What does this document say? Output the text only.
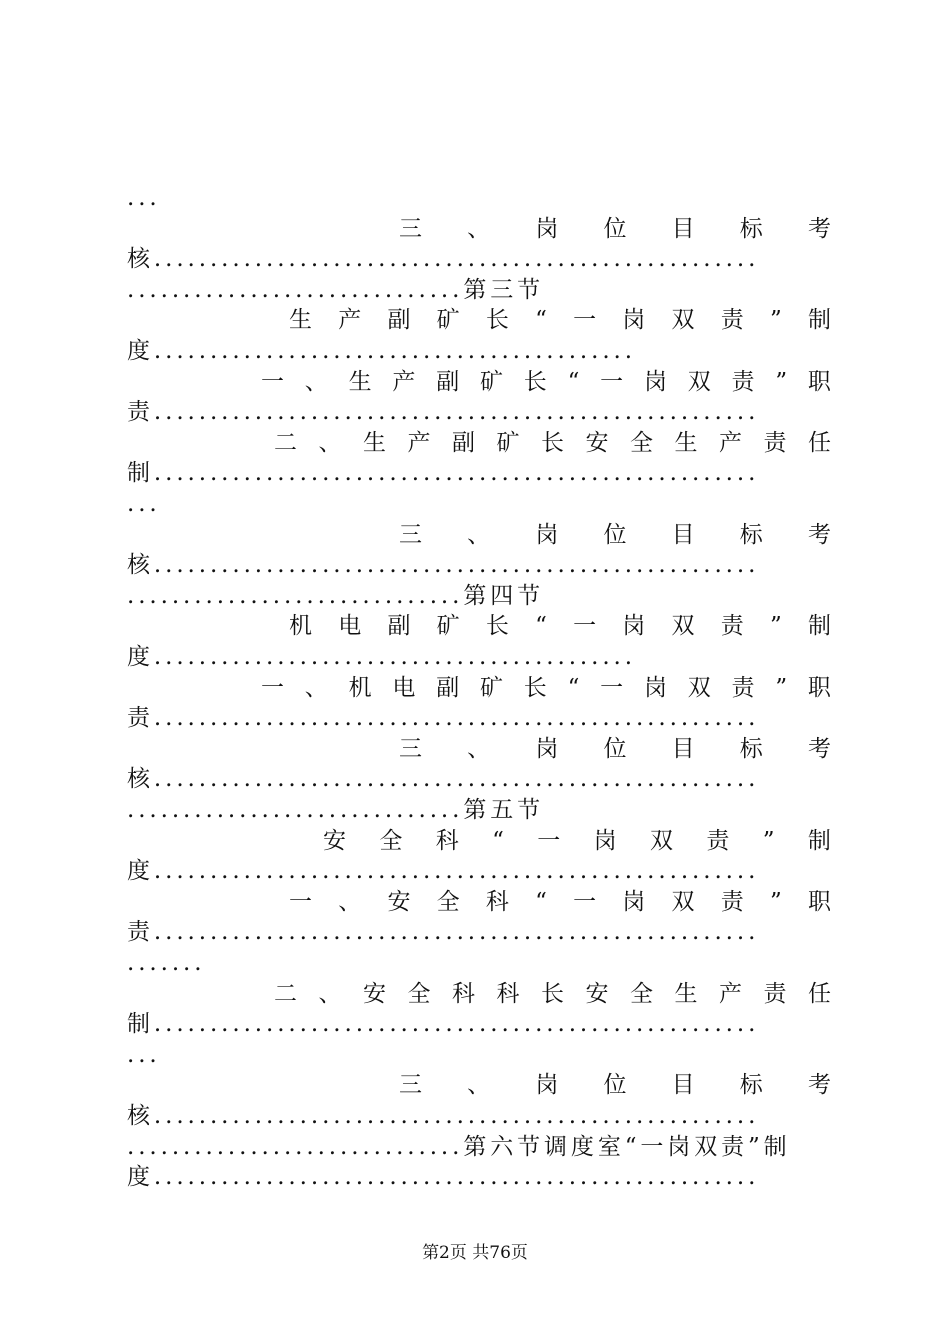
...
三 、 岗 位 目 标 考
核......................................................
..............................第三节
生 产 副 矿 长 “ 一 岗 双 责 ” 制
度...........................................
一 、 生 产 副 矿 长 “ 一 岗 双 责 ” 职
责......................................................
二 、 生 产 副 矿 长 安 全 生 产 责 任
制......................................................
...
三 、 岗 位 目 标 考
核......................................................
..............................第四节
机 电 副 矿 长 “ 一 岗 双 责 ” 制
度...........................................
一 、 机 电 副 矿 长 “ 一 岗 双 责 ” 职
责......................................................
三 、 岗 位 目 标 考
核......................................................
..............................第五节
安 全 科 “ 一 岗 双 责 ” 制
度......................................................
一 、 安 全 科 “ 一 岗 双 责 ” 职
责......................................................
.......
二 、 安 全 科 科 长 安 全 生 产 责 任
制......................................................
...
三 、 岗 位 目 标 考
核......................................................
..............................第六节调度室“一岗双责”制
度......................................................
第2页 共76页
